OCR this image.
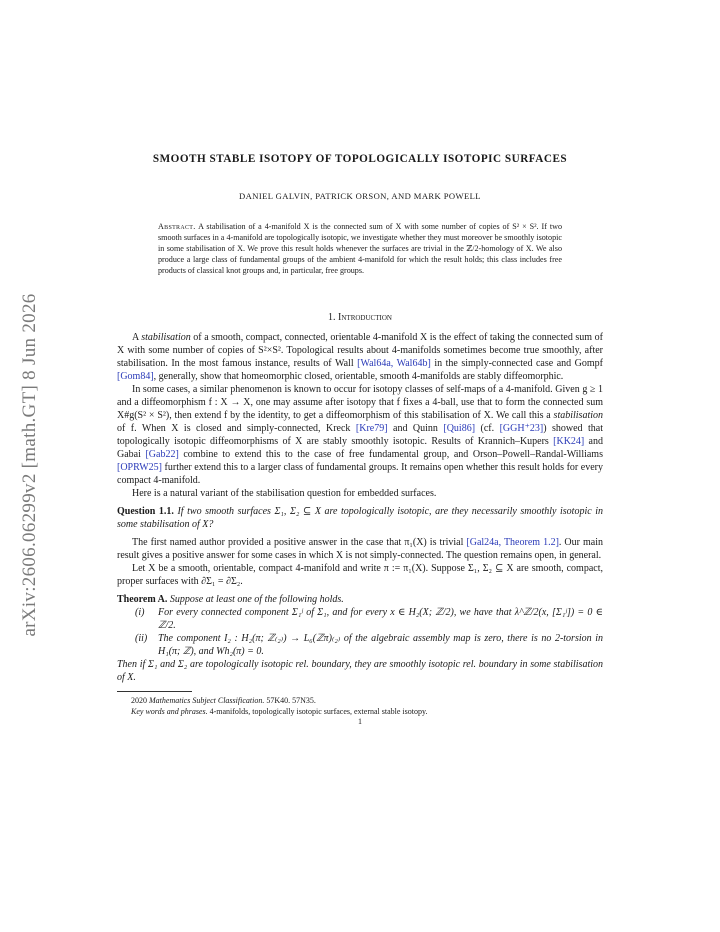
arXiv:2606.06299v2 [math.GT] 8 Jun 2026
SMOOTH STABLE ISOTOPY OF TOPOLOGICALLY ISOTOPIC SURFACES
DANIEL GALVIN, PATRICK ORSON, AND MARK POWELL
Abstract. A stabilisation of a 4-manifold X is the connected sum of X with some number of copies of S² × S². If two smooth surfaces in a 4-manifold are topologically isotopic, we investigate whether they must moreover be smoothly isotopic in some stabilisation of X. We prove this result holds whenever the surfaces are trivial in the ℤ/2-homology of X. We also produce a large class of fundamental groups of the ambient 4-manifold for which the result holds; this class includes free products of classical knot groups and, in particular, free groups.
1. Introduction

A stabilisation of a smooth, compact, connected, orientable 4-manifold X is the effect of taking the connected sum of X with some number of copies of S²×S². Topological results about 4-manifolds sometimes become true smoothly, after stabilisation. In the most famous instance, results of Wall [Wal64a, Wal64b] in the simply-connected case and Gompf [Gom84], generally, show that homeomorphic closed, orientable, smooth 4-manifolds are stably diffeomorphic.

In some cases, a similar phenomenon is known to occur for isotopy classes of self-maps of a 4-manifold. Given g ≥ 1 and a diffeomorphism f : X → X, one may assume after isotopy that f fixes a 4-ball, use that to form the connected sum X#g(S² × S²), then extend f by the identity, to get a diffeomorphism of this stabilisation of X. We call this a stabilisation of f. When X is closed and simply-connected, Kreck [Kre79] and Quinn [Qui86] (cf. [GGH⁺23]) showed that topologically isotopic diffeomorphisms of X are stably smoothly isotopic. Results of Krannich–Kupers [KK24] and Gabai [Gab22] combine to extend this to the case of free fundamental group, and Orson–Powell–Randal-Williams [OPRW25] further extend this to a larger class of fundamental groups. It remains open whether this result holds for every compact 4-manifold.

Here is a natural variant of the stabilisation question for embedded surfaces.

Question 1.1. If two smooth surfaces Σ₁, Σ₂ ⊆ X are topologically isotopic, are they necessarily smoothly isotopic in some stabilisation of X?

The first named author provided a positive answer in the case that π₁(X) is trivial [Gal24a, Theorem 1.2]. Our main result gives a positive answer for some cases in which X is not simply-connected. The question remains open, in general.

Let X be a smooth, orientable, compact 4-manifold and write π := π₁(X). Suppose Σ₁, Σ₂ ⊆ X are smooth, compact, proper surfaces with ∂Σ₁ = ∂Σ₂.

Theorem A. Suppose at least one of the following holds.

(i) For every connected component Σ₁ʲ of Σ₁, and for every x ∈ H₂(X; ℤ/2), we have that λ^ℤ/2(x, [Σ₁ʲ]) = 0 ∈ ℤ/2.
(ii) The component I₂ : H₂(π; ℤ₍₂₎) → L₆(ℤπ)₍₂₎ of the algebraic assembly map is zero, there is no 2-torsion in H₁(π; ℤ), and Wh₂(π) = 0.

Then if Σ₁ and Σ₂ are topologically isotopic rel. boundary, they are smoothly isotopic rel. boundary in some stabilisation of X.

2020 Mathematics Subject Classification. 57K40. 57N35.
Key words and phrases. 4-manifolds, topologically isotopic surfaces, external stable isotopy.
1
